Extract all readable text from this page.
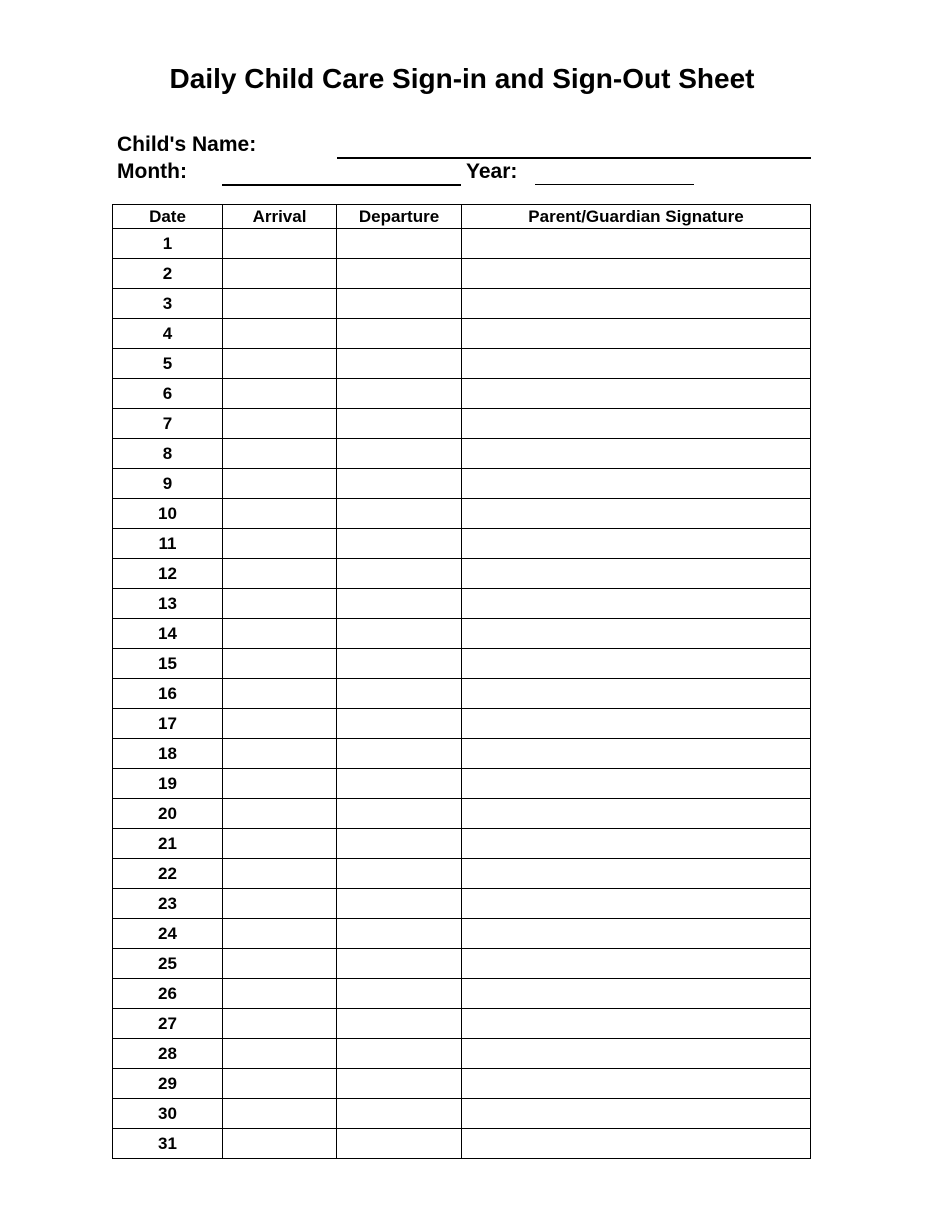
Daily Child Care Sign-in and Sign-Out Sheet
Child's Name:
Month:	Year:
Date	Arrival	Departure	Parent/Guardian Signature
1			
2			
3			
4			
5			
6			
7			
8			
9			
10			
11			
12			
13			
14			
15			
16			
17			
18			
19			
20			
21			
22			
23			
24			
25			
26			
27			
28			
29			
30			
31			
